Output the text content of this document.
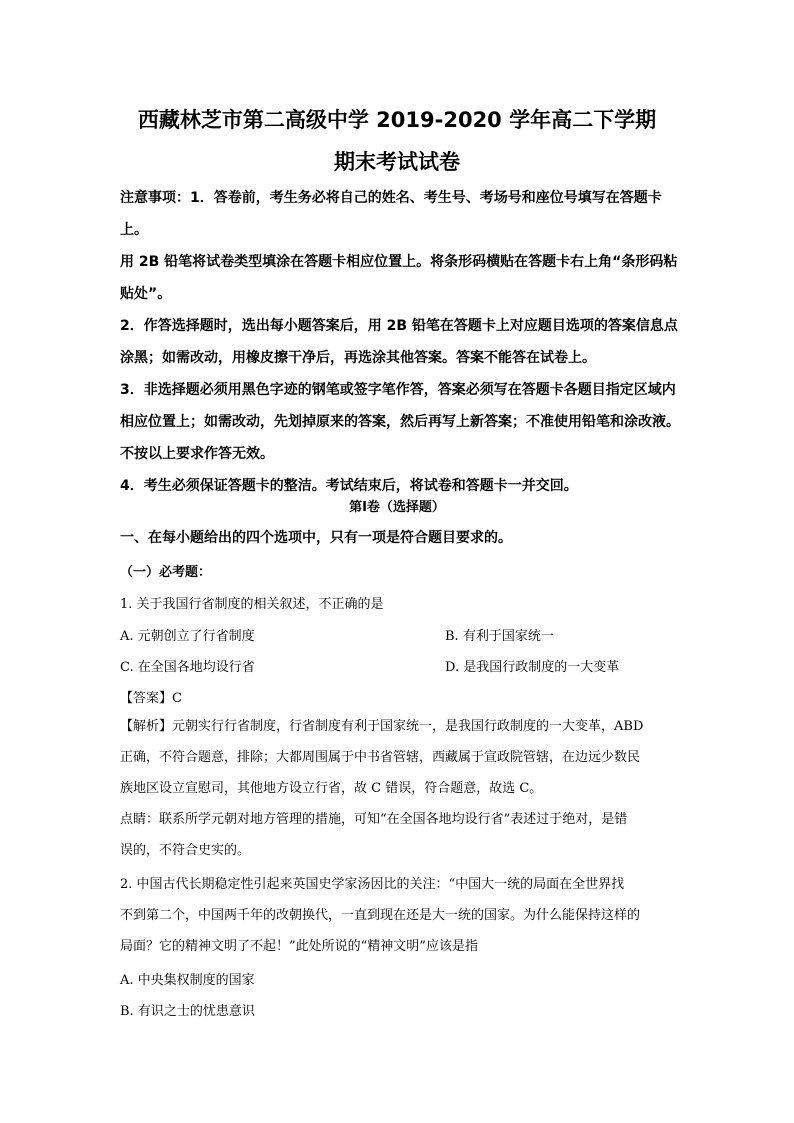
西藏林芝市第二高级中学 2019-2020 学年高二下学期
期末考试试卷

注意事项：1．答卷前，考生务必将自己的姓名、考生号、考场号和座位号填写在答题卡上。

用 2B 铅笔将试卷类型填涂在答题卡相应位置上。将条形码横贴在答题卡右上角“条形码粘

贴处”。

2．作答选择题时，选出每小题答案后，用 2B 铅笔在答题卡上对应题目选项的答案信息点

涂黑；如需改动，用橡皮擦干净后，再选涂其他答案。答案不能答在试卷上。

3．非选择题必须用黑色字迹的钢笔或签字笔作答，答案必须写在答题卡各题目指定区域内

相应位置上；如需改动，先划掉原来的答案，然后再写上新答案；不准使用铅笔和涂改液。

不按以上要求作答无效。

4．考生必须保证答题卡的整洁。考试结束后，将试卷和答题卡一并交回。

第Ⅰ卷（选择题）
一、在每小题给出的四个选项中，只有一项是符合题目要求的。
（一）必考题：
1. 关于我国行省制度的相关叙述，不正确的是
A. 元朝创立了行省制度	B. 有利于国家统一
C. 在全国各地均设行省	D. 是我国行政制度的一大变革
【答案】C

【解析】元朝实行行省制度，行省制度有利于国家统一，是我国行政制度的一大变革，ABD

正确，不符合题意，排除；大都周围属于中书省管辖，西藏属于宣政院管辖，在边远少数民

族地区设立宣慰司，其他地方设立行省，故 C 错误，符合题意，故选 C。

点睛：联系所学元朝对地方管理的措施，可知“在全国各地均设行省”表述过于绝对，是错

误的，不符合史实的。

2. 中国古代长期稳定性引起来英国史学家汤因比的关注：“中国大一统的局面在全世界找

不到第二个，中国两千年的改朝换代，一直到现在还是大一统的国家。为什么能保持这样的

局面？它的精神文明了不起！”此处所说的“精神文明”应该是指

A. 中央集权制度的国家
B. 有识之士的忧患意识
